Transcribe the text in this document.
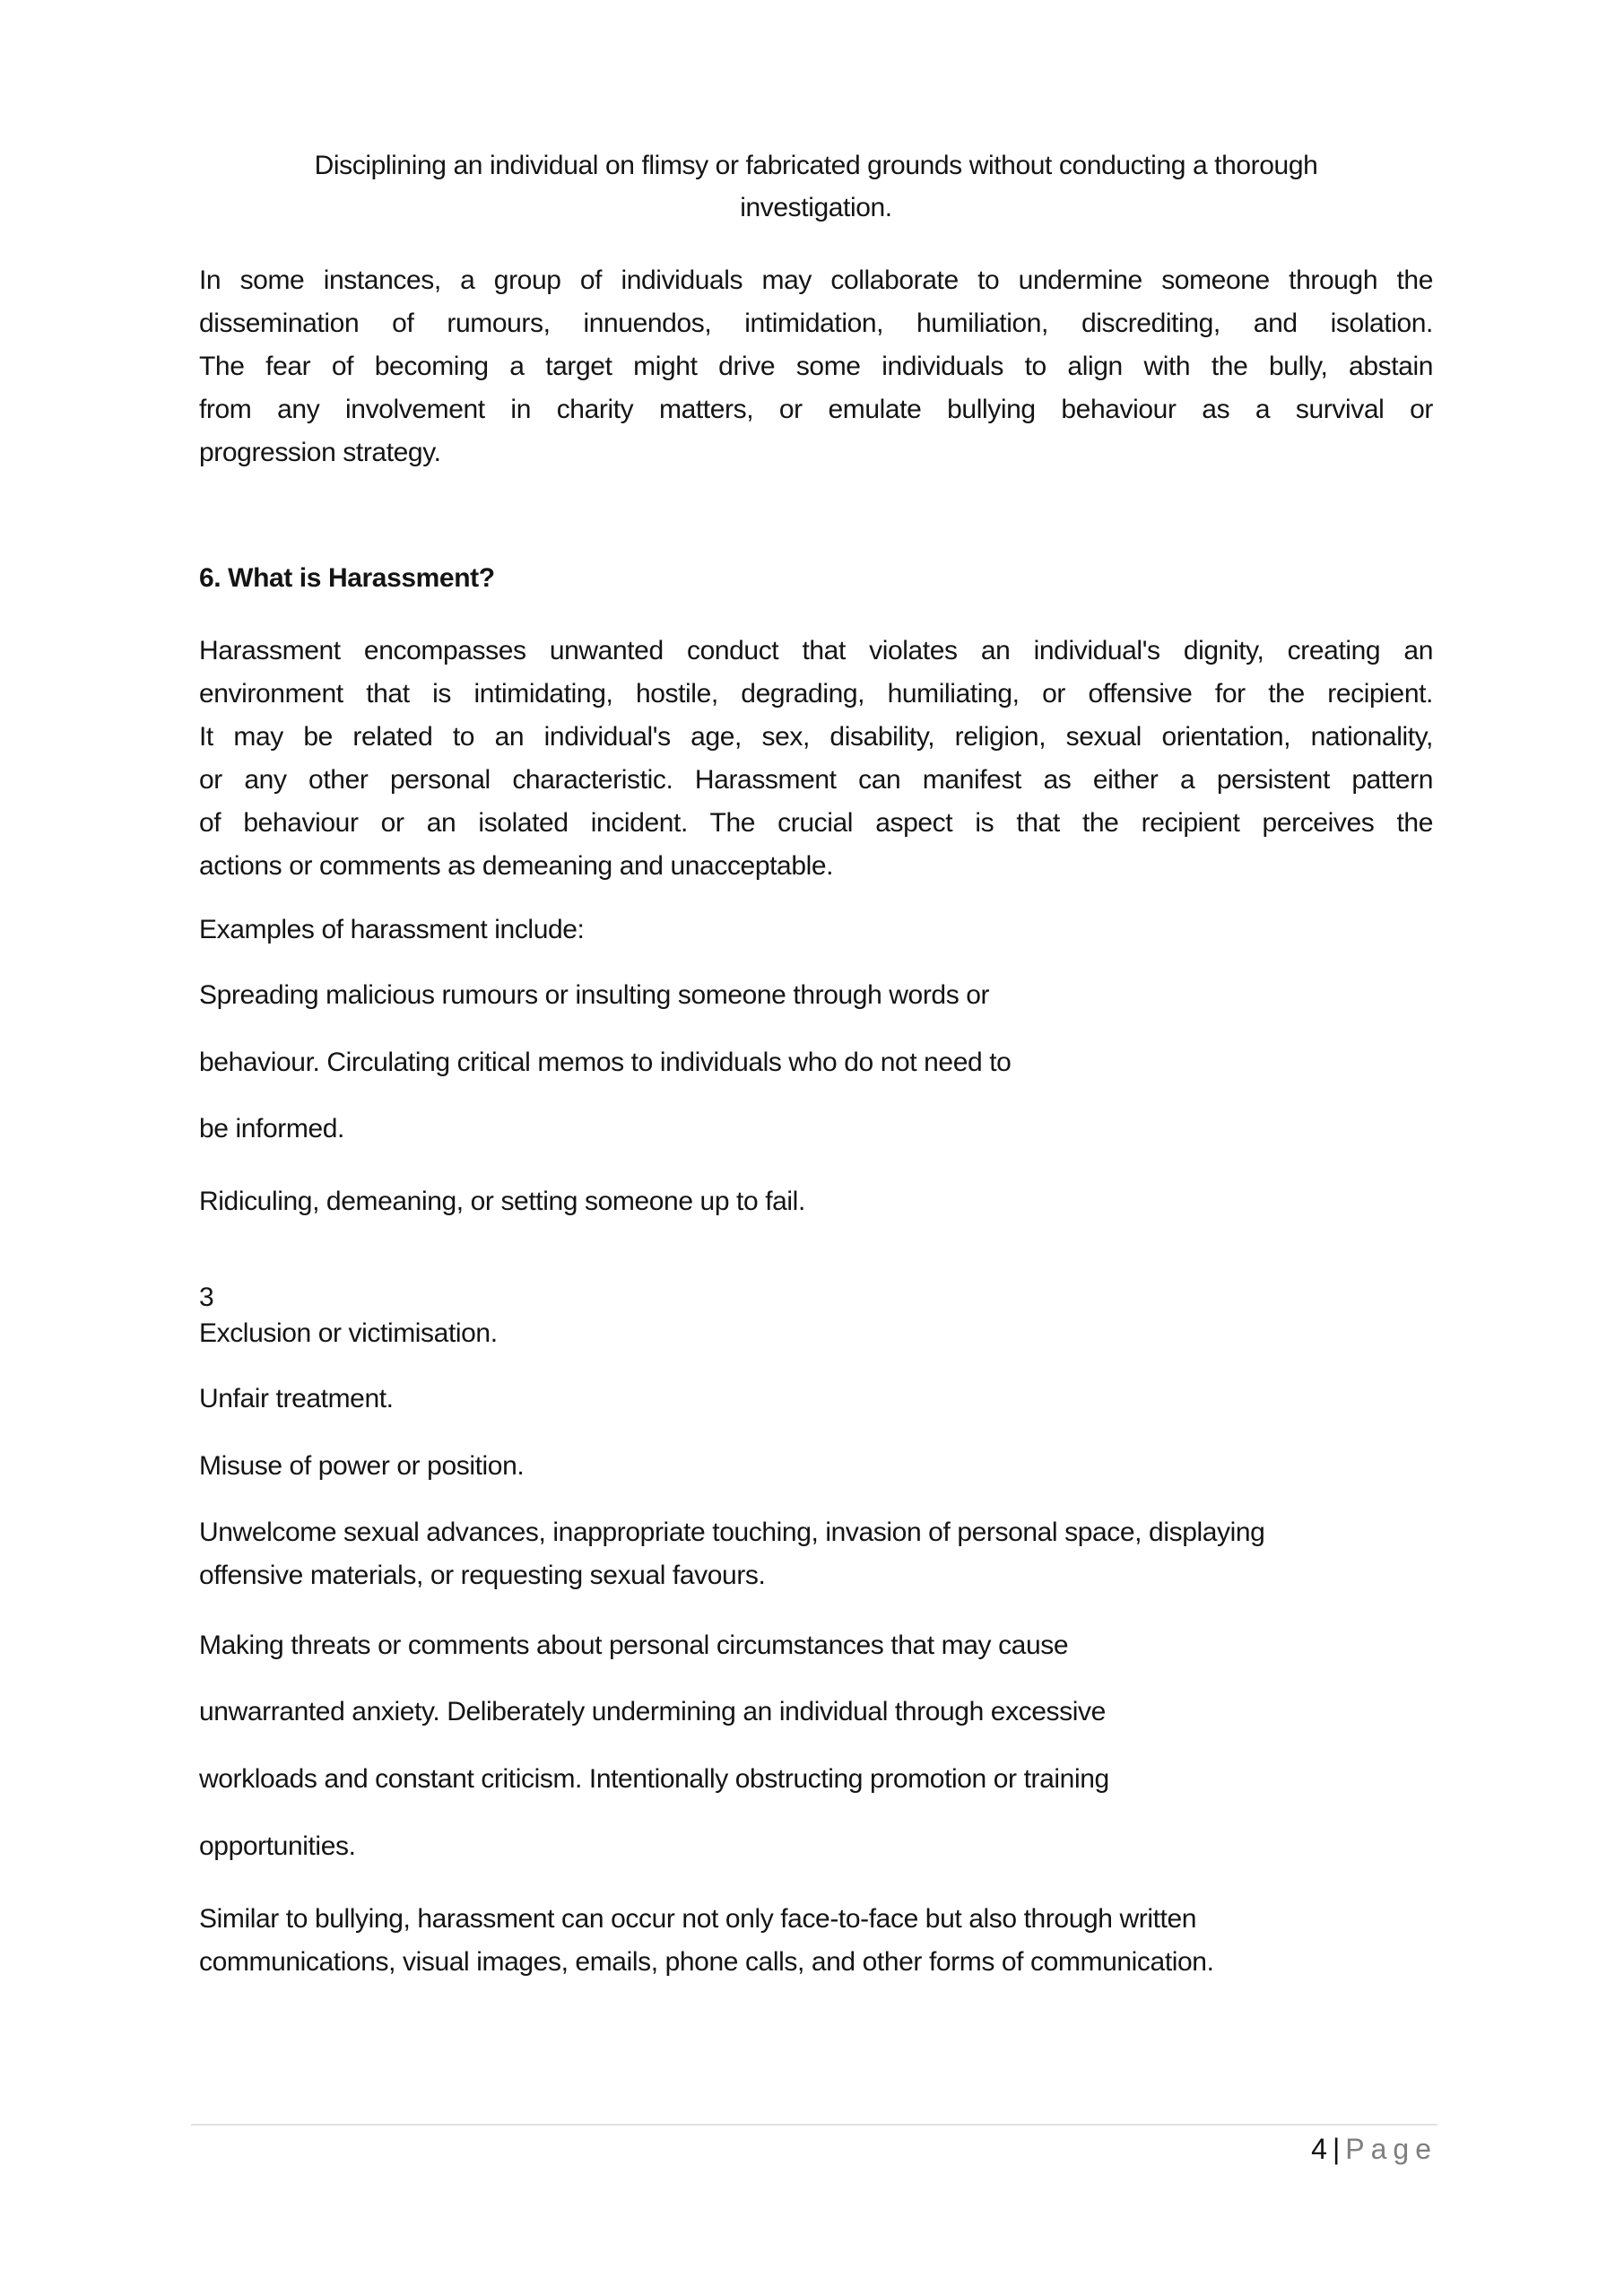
Disciplining an individual on flimsy or fabricated grounds without conducting a thorough
investigation.
In some instances, a group of individuals may collaborate to undermine someone through the
dissemination of rumours, innuendos, intimidation, humiliation, discrediting, and isolation.
The fear of becoming a target might drive some individuals to align with the bully, abstain
from any involvement in charity matters, or emulate bullying behaviour as a survival or
progression strategy.
6. What is Harassment?
Harassment encompasses unwanted conduct that violates an individual's dignity, creating an
environment that is intimidating, hostile, degrading, humiliating, or offensive for the recipient.
It may be related to an individual's age, sex, disability, religion, sexual orientation, nationality,
or any other personal characteristic. Harassment can manifest as either a persistent pattern
of behaviour or an isolated incident. The crucial aspect is that the recipient perceives the
actions or comments as demeaning and unacceptable.
Examples of harassment include:
Spreading malicious rumours or insulting someone through words or
behaviour. Circulating critical memos to individuals who do not need to
be informed.
Ridiculing, demeaning, or setting someone up to fail.
3
Exclusion or victimisation.
Unfair treatment.
Misuse of power or position.
Unwelcome sexual advances, inappropriate touching, invasion of personal space, displaying
offensive materials, or requesting sexual favours.
Making threats or comments about personal circumstances that may cause
unwarranted anxiety. Deliberately undermining an individual through excessive
workloads and constant criticism. Intentionally obstructing promotion or training
opportunities.
Similar to bullying, harassment can occur not only face-to-face but also through written
communications, visual images, emails, phone calls, and other forms of communication.
4 | Page
